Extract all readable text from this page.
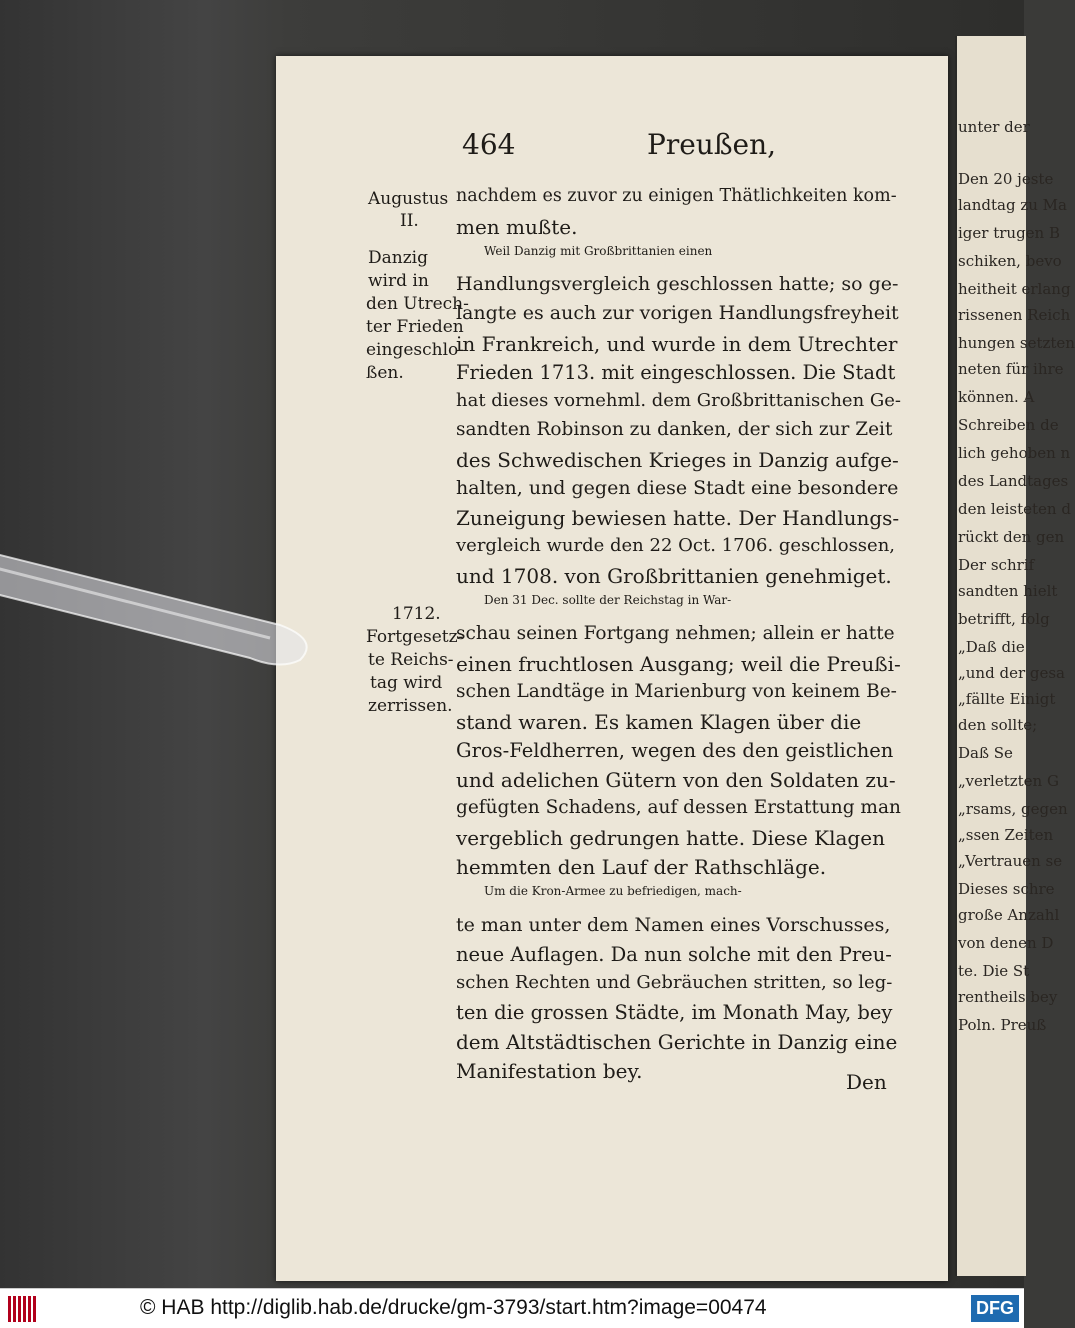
464	Preußen,
Augustus
II.
Danzig
wird in
den Utrech-
ter Frieden
eingeschlo-
ßen.
1712.
Fortgesetz-
te Reichs-
tag wird
zerrissen.
nachdem es zuvor zu einigen Thätlichkeiten kom-
men mußte.
Weil Danzig mit Großbrittanien einen
Handlungsvergleich geschlossen hatte; so ge-
langte es auch zur vorigen Handlungsfreyheit
in Frankreich, und wurde in dem Utrechter
Frieden 1713. mit eingeschlossen. Die Stadt
hat dieses vornehml. dem Großbrittanischen Ge-
sandten Robinson zu danken, der sich zur Zeit
des Schwedischen Krieges in Danzig aufge-
halten, und gegen diese Stadt eine besondere
Zuneigung bewiesen hatte. Der Handlungs-
vergleich wurde den 22 Oct. 1706. geschlossen,
und 1708. von Großbrittanien genehmiget.
Den 31 Dec. sollte der Reichstag in War-
schau seinen Fortgang nehmen; allein er hatte
einen fruchtlosen Ausgang; weil die Preußi-
schen Landtäge in Marienburg von keinem Be-
stand waren. Es kamen Klagen über die
Gros-Feldherren, wegen des den geistlichen
und adelichen Gütern von den Soldaten zu-
gefügten Schadens, auf dessen Erstattung man
vergeblich gedrungen hatte. Diese Klagen
hemmten den Lauf der Rathschläge.
Um die Kron-Armee zu befriedigen, mach-
te man unter dem Namen eines Vorschusses,
neue Auflagen. Da nun solche mit den Preu-
schen Rechten und Gebräuchen stritten, so leg-
ten die grossen Städte, im Monath May, bey
dem Altstädtischen Gerichte in Danzig eine
Manifestation bey.	Den
unter der
Den 20 jeste
landtag zu Ma
iger trugen B
schiken, bevo
heitheit erlang
rissenen Reich
hungen setzten
neten für ihre
können. A
Schreiben de
lich gehoben n
des Landtages
den leisteten d
rückt den gen
Der schrif
sandten hielt
betrifft, folg
„Daß die
„und der gesa
„fällte Einigt
den sollte;
Daß Se
„verletzten G
„rsams, gegen
„ssen Zeiten
„Vertrauen se
Dieses schre
große Anzahl
von denen D
te. Die St
rentheils bey
Poln. Preuß
© HAB http://diglib.hab.de/drucke/gm-3793/start.htm?image=00474	DFG
